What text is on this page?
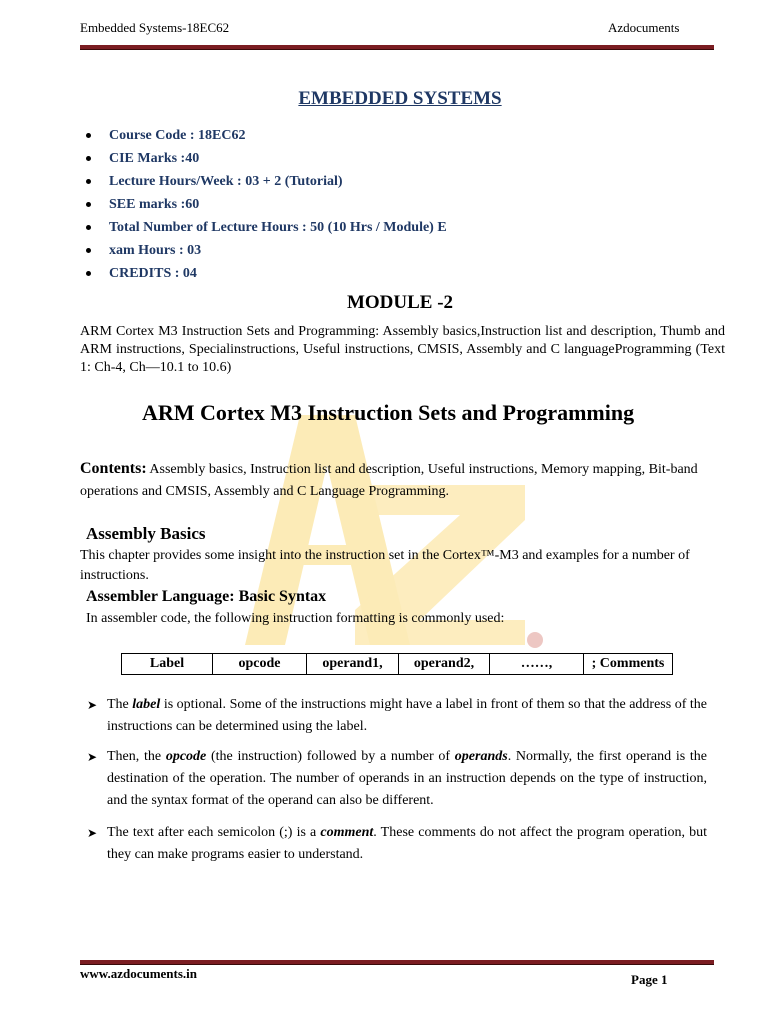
Embedded Systems-18EC62	Azdocuments
EMBEDDED SYSTEMS
Course Code : 18EC62
CIE Marks :40
Lecture Hours/Week : 03 + 2 (Tutorial)
SEE marks :60
Total Number of Lecture Hours : 50 (10 Hrs / Module) E
xam Hours : 03
CREDITS : 04
MODULE -2
ARM Cortex M3 Instruction Sets and Programming: Assembly basics,Instruction list and description, Thumb and ARM instructions, Specialinstructions, Useful instructions, CMSIS, Assembly and C languageProgramming (Text 1: Ch-4, Ch—10.1 to 10.6)
ARM Cortex M3 Instruction Sets and Programming
Contents: Assembly basics, Instruction list and description, Useful instructions, Memory mapping, Bit-band operations and CMSIS, Assembly and C Language Programming.
Assembly Basics
This chapter provides some insight into the instruction set in the Cortex™-M3 and examples for a number of instructions.
Assembler Language: Basic Syntax
In assembler code, the following instruction formatting is commonly used:
Label	opcode	operand1,	operand2,	……,	; Comments
➤ The label is optional. Some of the instructions might have a label in front of them so that the address of the instructions can be determined using the label.
➤ Then, the opcode (the instruction) followed by a number of operands. Normally, the first operand is the destination of the operation. The number of operands in an instruction depends on the type of instruction, and the syntax format of the operand can also be different.
➤ The text after each semicolon (;) is a comment. These comments do not affect the program operation, but they can make programs easier to understand.
www.azdocuments.in	Page 1
